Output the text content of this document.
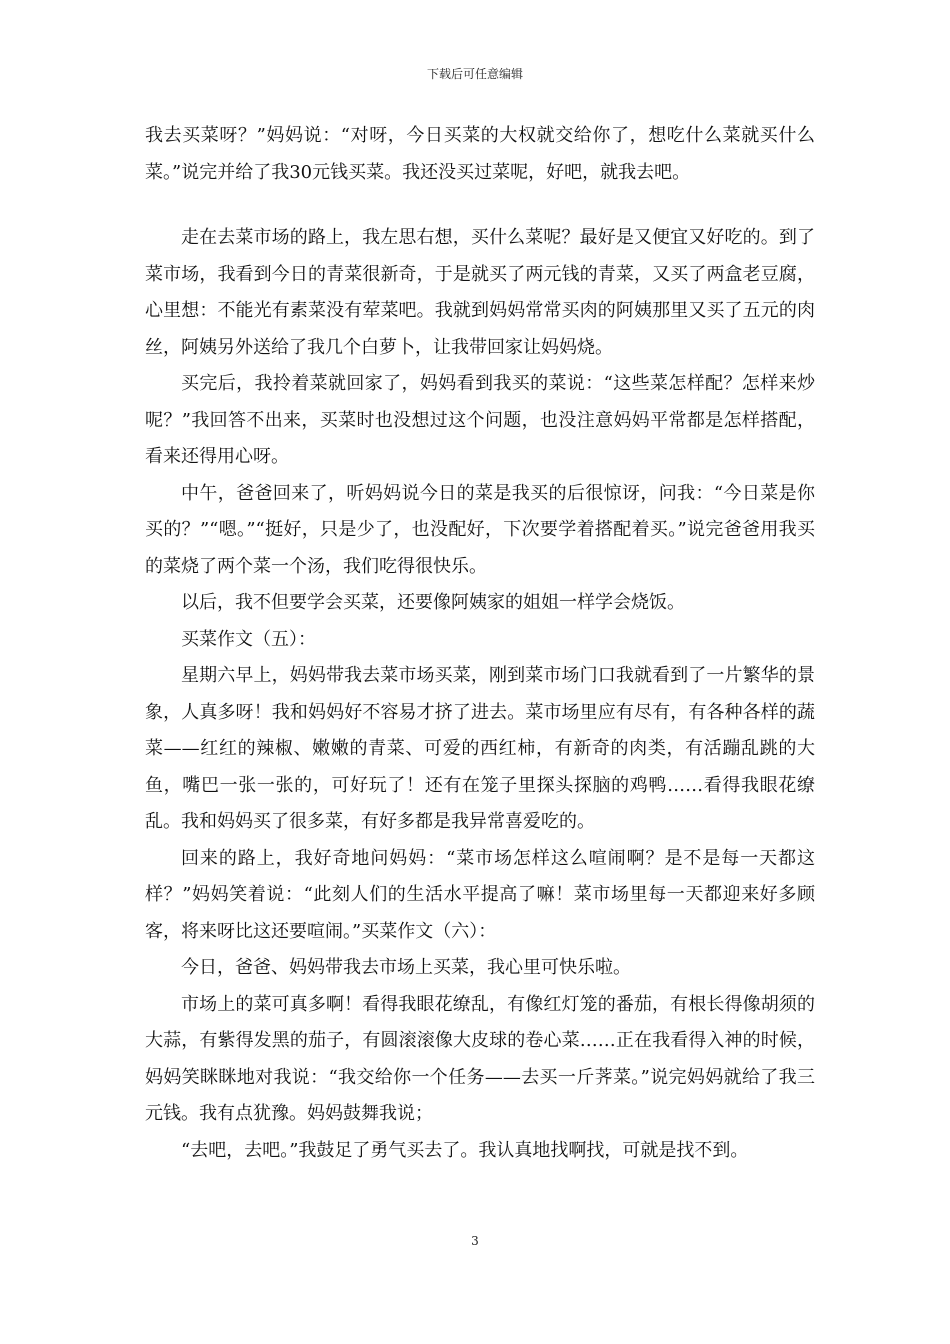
下载后可任意编辑

我去买菜呀？”妈妈说：“对呀，今日买菜的大权就交给你了，想吃什么菜就买什么菜。”说完并给了我30元钱买菜。我还没买过菜呢，好吧，就我去吧。

走在去菜市场的路上，我左思右想，买什么菜呢？最好是又便宜又好吃的。到了菜市场，我看到今日的青菜很新奇，于是就买了两元钱的青菜，又买了两盒老豆腐，心里想：不能光有素菜没有荤菜吧。我就到妈妈常常买肉的阿姨那里又买了五元的肉丝，阿姨另外送给了我几个白萝卜，让我带回家让妈妈烧。

买完后，我拎着菜就回家了，妈妈看到我买的菜说：“这些菜怎样配？怎样来炒呢？”我回答不出来，买菜时也没想过这个问题，也没注意妈妈平常都是怎样搭配，看来还得用心呀。

中午，爸爸回来了，听妈妈说今日的菜是我买的后很惊讶，问我：“今日菜是你买的？”“嗯。”“挺好，只是少了，也没配好，下次要学着搭配着买。”说完爸爸用我买的菜烧了两个菜一个汤，我们吃得很快乐。

以后，我不但要学会买菜，还要像阿姨家的姐姐一样学会烧饭。

买菜作文（五）：

星期六早上，妈妈带我去菜市场买菜，刚到菜市场门口我就看到了一片繁华的景象，人真多呀！我和妈妈好不容易才挤了进去。菜市场里应有尽有，有各种各样的蔬菜——红红的辣椒、嫩嫩的青菜、可爱的西红柿，有新奇的肉类，有活蹦乱跳的大鱼，嘴巴一张一张的，可好玩了！还有在笼子里探头探脑的鸡鸭……看得我眼花缭乱。我和妈妈买了很多菜，有好多都是我异常喜爱吃的。

回来的路上，我好奇地问妈妈：“菜市场怎样这么喧闹啊？是不是每一天都这样？”妈妈笑着说：“此刻人们的生活水平提高了嘛！菜市场里每一天都迎来好多顾客，将来呀比这还要喧闹。”买菜作文（六）：

今日，爸爸、妈妈带我去市场上买菜，我心里可快乐啦。

市场上的菜可真多啊！看得我眼花缭乱，有像红灯笼的番茄，有根长得像胡须的大蒜，有紫得发黑的茄子，有圆滚滚像大皮球的卷心菜……正在我看得入神的时候，妈妈笑眯眯地对我说：“我交给你一个任务——去买一斤荠菜。”说完妈妈就给了我三元钱。我有点犹豫。妈妈鼓舞我说；

“去吧，去吧。”我鼓足了勇气买去了。我认真地找啊找，可就是找不到。

3
